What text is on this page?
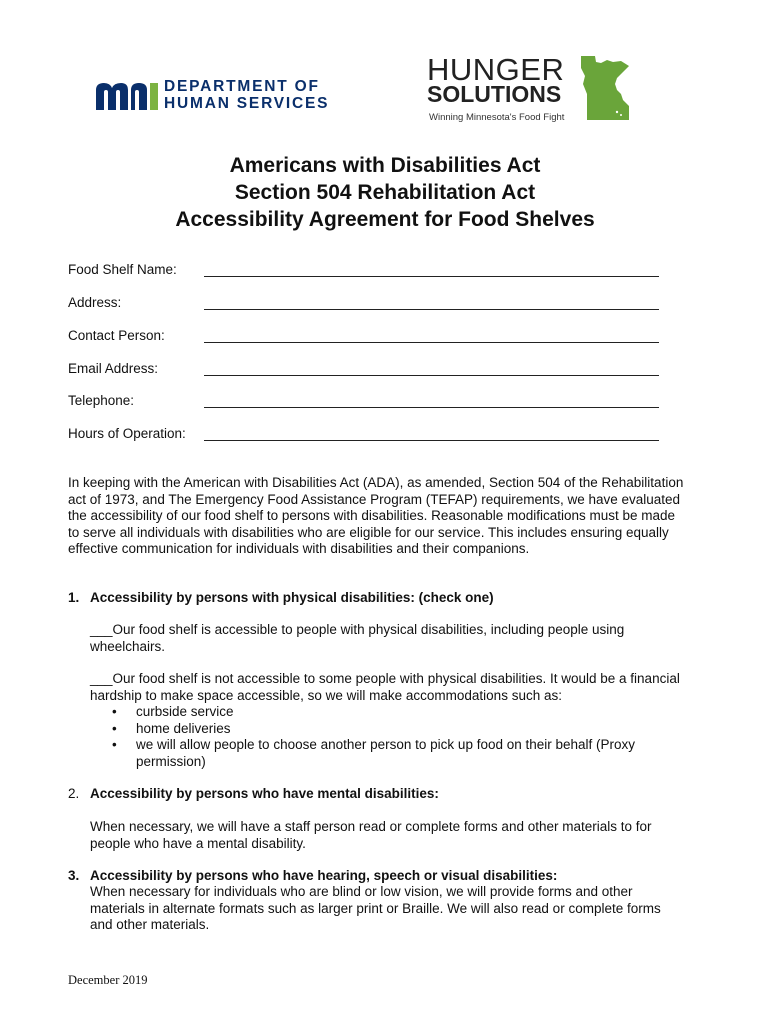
DEPARTMENT OF
HUMAN SERVICES
HUNGER
SOLUTIONS
Winning Minnesota's Food Fight
Americans with Disabilities Act
Section 504 Rehabilitation Act
Accessibility Agreement for Food Shelves
Food Shelf Name:
Address:
Contact Person:
Email Address:
Telephone:
Hours of Operation:
In keeping with the American with Disabilities Act (ADA), as amended, Section 504 of the Rehabilitation
act of 1973, and The Emergency Food Assistance Program (TEFAP) requirements, we have evaluated
the accessibility of our food shelf to persons with disabilities. Reasonable modifications must be made
to serve all individuals with disabilities who are eligible for our service. This includes ensuring equally
effective communication for individuals with disabilities and their companions.
1. Accessibility by persons with physical disabilities: (check one)
___Our food shelf is accessible to people with physical disabilities, including people using
wheelchairs.
___Our food shelf is not accessible to some people with physical disabilities. It would be a financial
hardship to make space accessible, so we will make accommodations such as:
• curbside service
• home deliveries
• we will allow people to choose another person to pick up food on their behalf (Proxy
permission)
2. Accessibility by persons who have mental disabilities:
When necessary, we will have a staff person read or complete forms and other materials to for
people who have a mental disability.
3. Accessibility by persons who have hearing, speech or visual disabilities:
When necessary for individuals who are blind or low vision, we will provide forms and other
materials in alternate formats such as larger print or Braille. We will also read or complete forms
and other materials.
December 2019
